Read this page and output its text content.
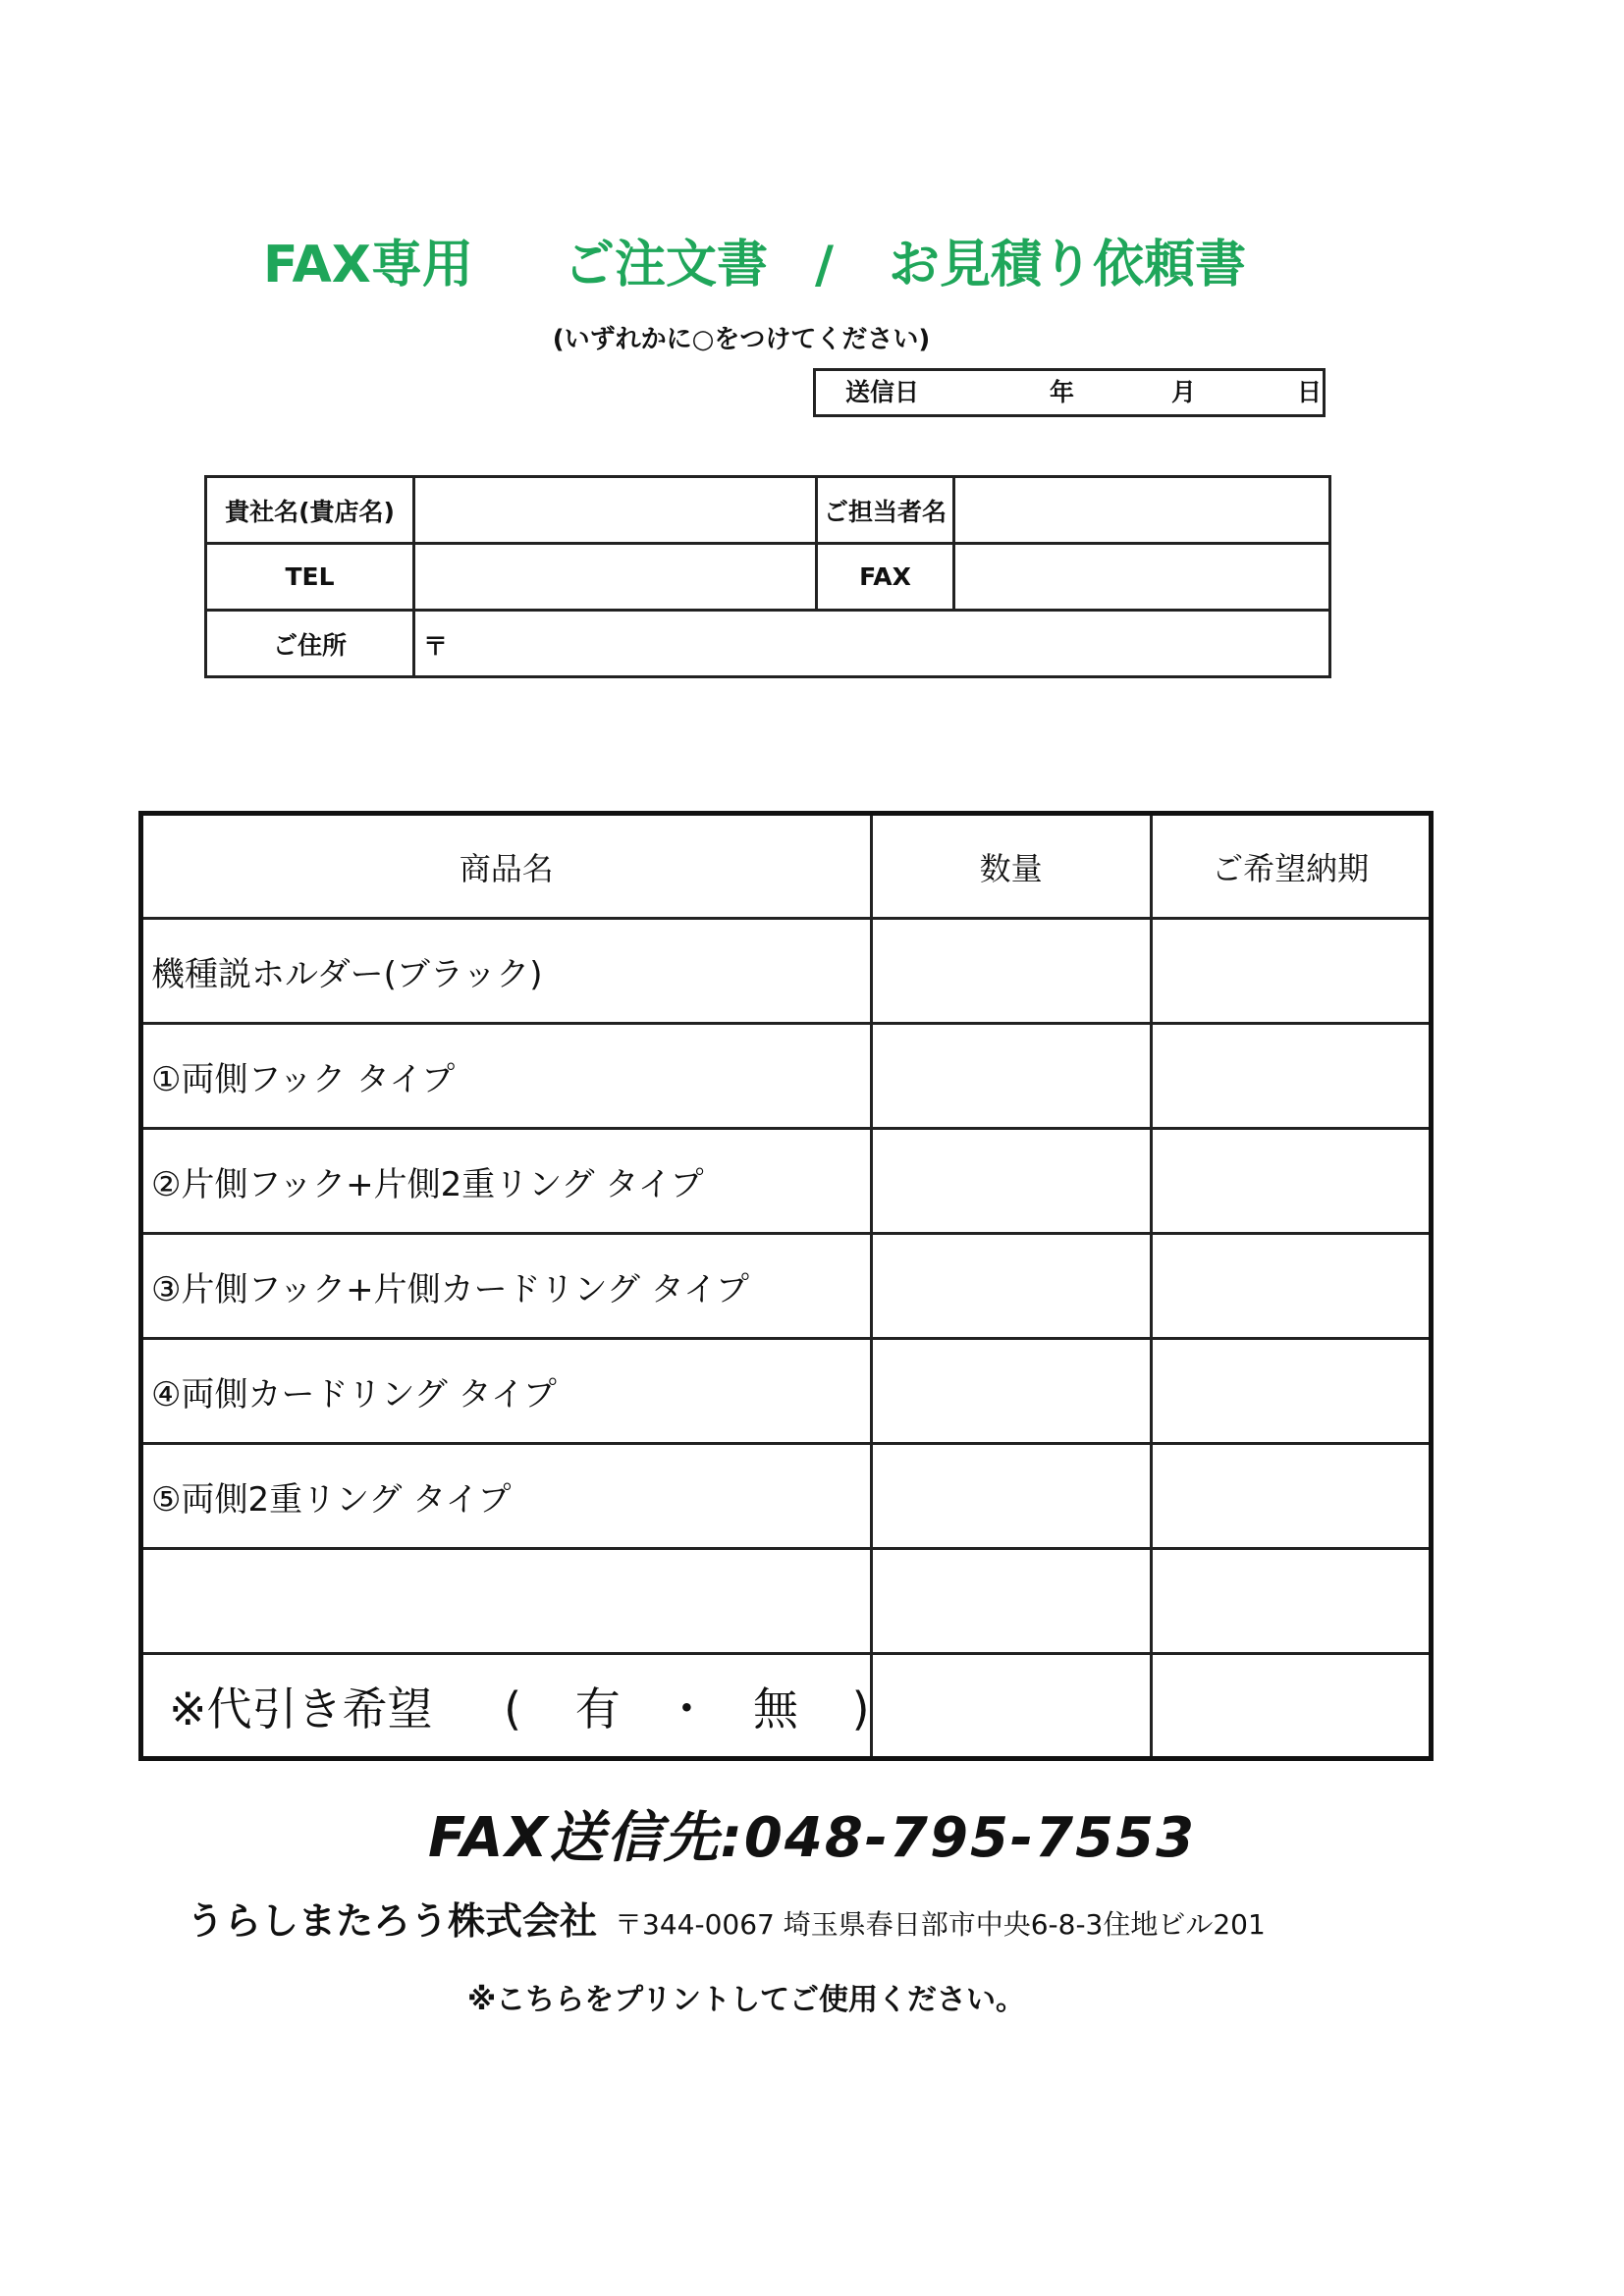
FAX専用 ご注文書 / お見積り依頼書
(いずれかに○をつけてください)
送信日	年	月	日
貴社名(貴店名)		ご担当者名	
TEL		FAX	
ご住所	〒		
商品名	数量	ご希望納期
機種説ホルダー(ブラック)		
①両側フック タイプ		
②片側フック+片側2重リング タイプ		
③片側フック+片側カードリング タイプ		
④両側カードリング タイプ		
⑤両側2重リング タイプ		

※代引き希望 ( 有 ・ 無 )		
FAX送信先:048-795-7553
うらしまたろう株式会社 〒344-0067 埼玉県春日部市中央6-8-3住地ビル201
※こちらをプリントしてご使用ください。
